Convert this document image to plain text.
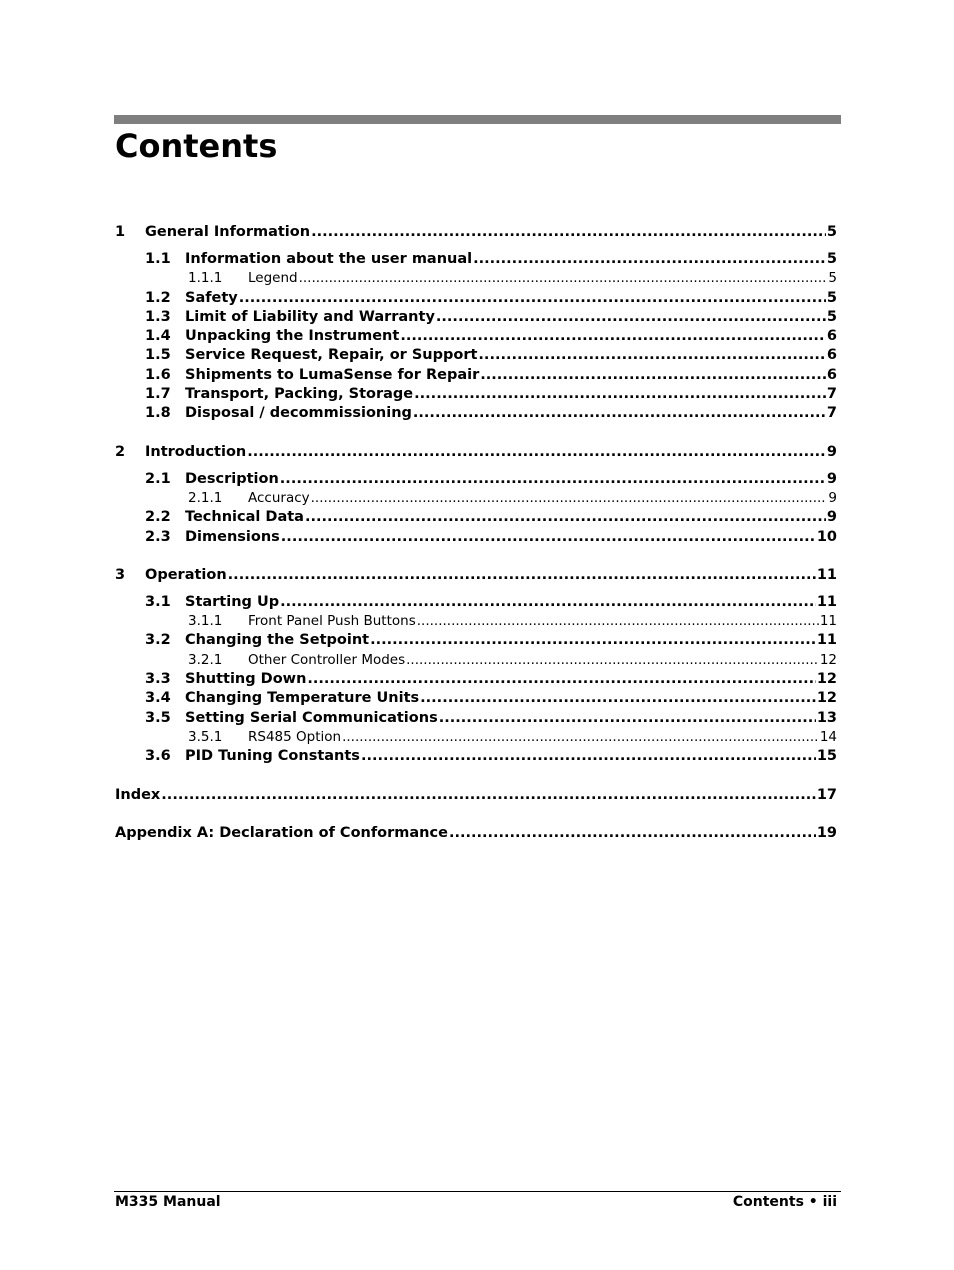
Contents
1	General Information .....	5
1.1 Information about the user manual .....	5
1.1.1	Legend .....	5
1.2 Safety .....	5
1.3 Limit of Liability and Warranty .....	5
1.4 Unpacking the Instrument .....	6
1.5 Service Request, Repair, or Support .....	6
1.6 Shipments to LumaSense for Repair .....	6
1.7 Transport, Packing, Storage .....	7
1.8 Disposal / decommissioning .....	7
2	Introduction .....	9
2.1 Description .....	9
2.1.1	Accuracy .....	9
2.2 Technical Data .....	9
2.3 Dimensions .....	10
3	Operation .....	11
3.1 Starting Up .....	11
3.1.1	Front Panel Push Buttons .....	11
3.2 Changing the Setpoint .....	11
3.2.1	Other Controller Modes .....	12
3.3 Shutting Down .....	12
3.4 Changing Temperature Units .....	12
3.5 Setting Serial Communications .....	13
3.5.1	RS485 Option .....	14
3.6 PID Tuning Constants .....	15
Index .....	17
Appendix A: Declaration of Conformance .....	19
M335 Manual	Contents • iii
